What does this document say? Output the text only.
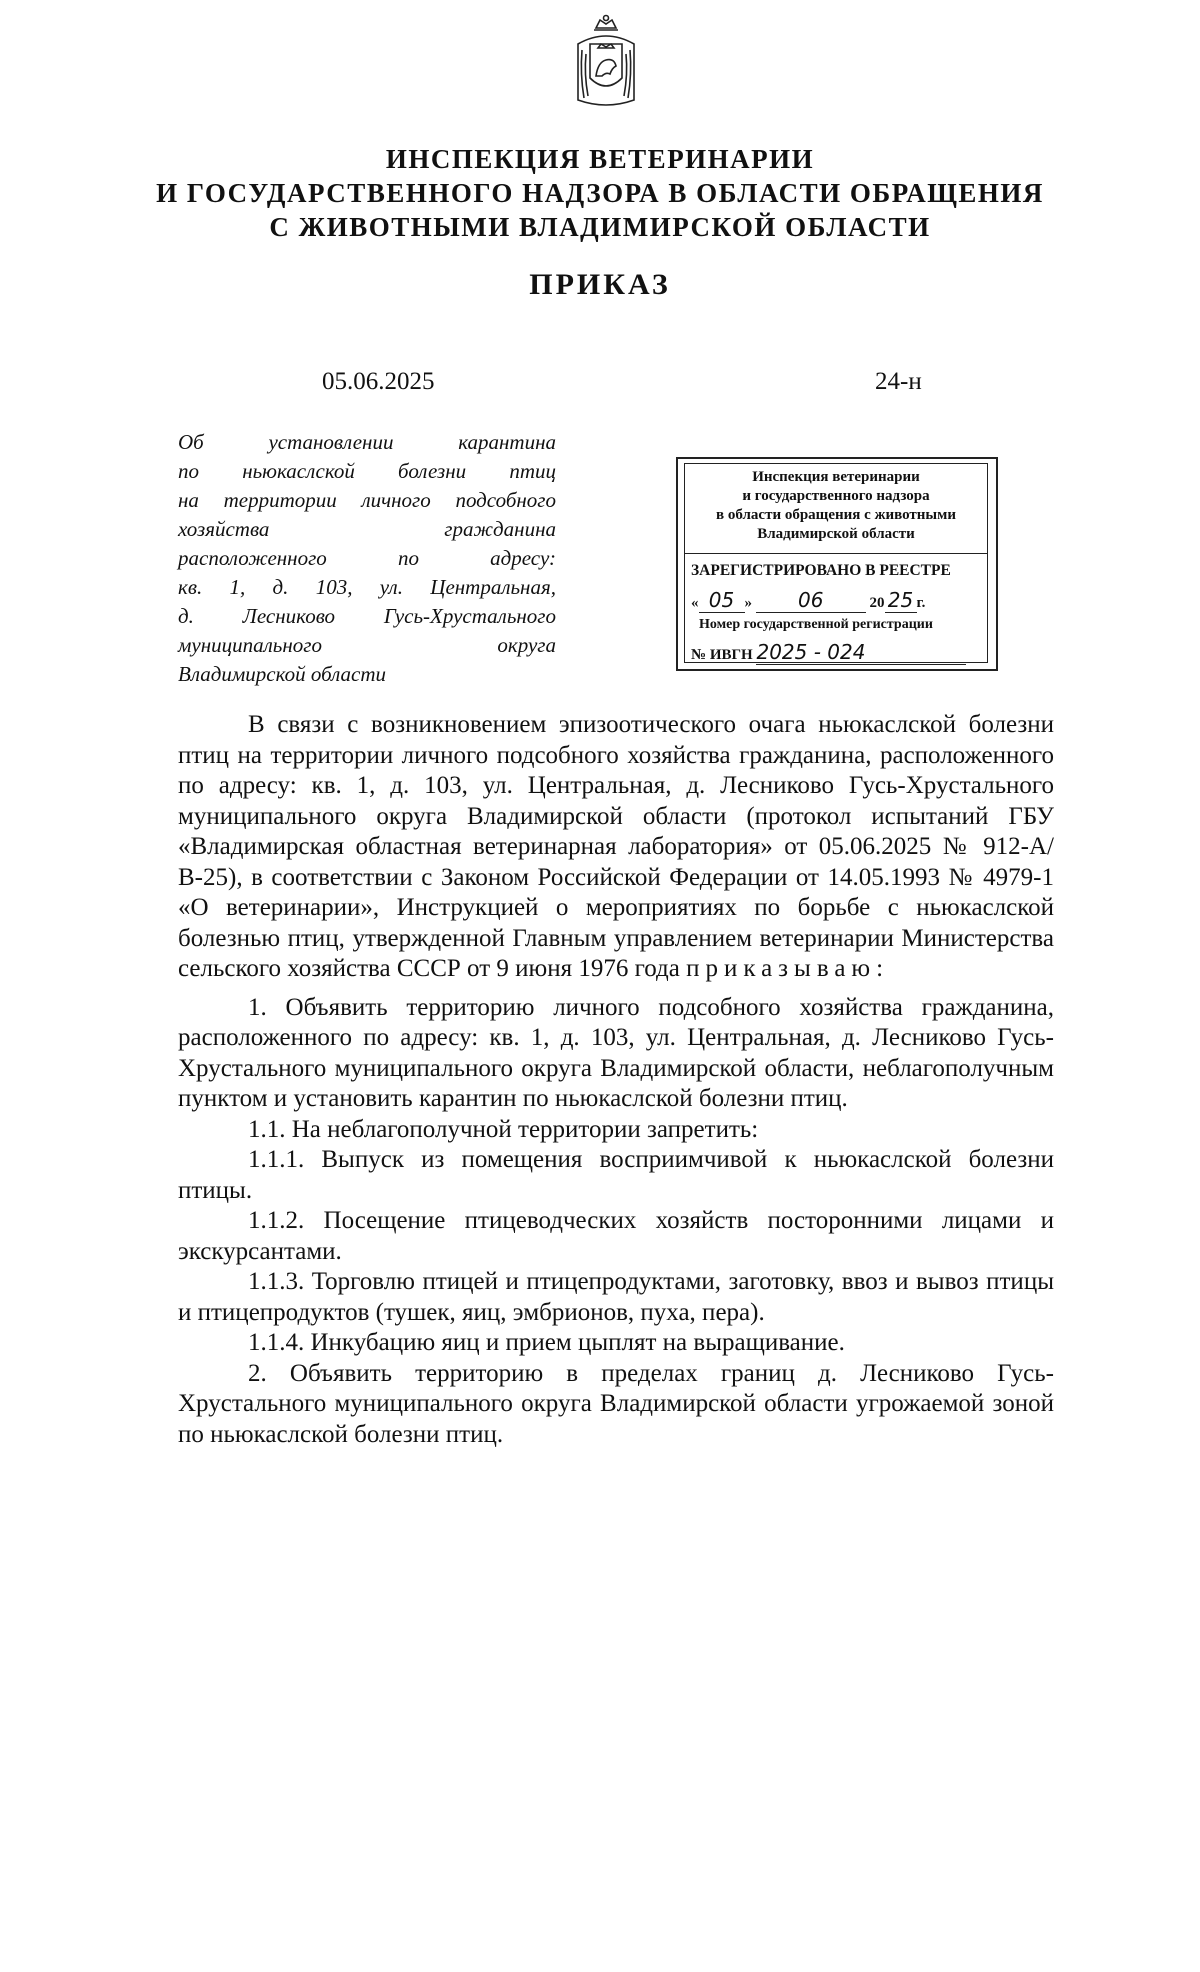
ИНСПЕКЦИЯ ВЕТЕРИНАРИИ
И ГОСУДАРСТВЕННОГО НАДЗОРА В ОБЛАСТИ ОБРАЩЕНИЯ
С ЖИВОТНЫМИ ВЛАДИМИРСКОЙ ОБЛАСТИ
ПРИКАЗ
05.06.2025	24-н
Об установлении карантина
по ньюкаслской болезни птиц
на территории личного подсобного
хозяйства гражданина
расположенного по адресу:
кв. 1, д. 103, ул. Центральная,
д. Лесниково Гусь-Хрустального
муниципального округа
Владимирской области
Инспекция ветеринарии
и государственного надзора
в области обращения с животными
Владимирской области
ЗАРЕГИСТРИРОВАНО В РЕЕСТРЕ
« 05 » 06	20 25 г.
Номер государственной регистрации
№ ИВГН 2025 - 024

В связи с возникновением эпизоотического очага ньюкаслской болезни птиц на территории личного подсобного хозяйства гражданина, расположенного по адресу: кв. 1, д. 103, ул. Центральная, д. Лесниково Гусь-Хрустального муниципального округа Владимирской области (протокол испытаний ГБУ «Владимирская областная ветеринарная лаборатория» от 05.06.2025 № 912-А/В-25), в соответствии с Законом Российской Федерации от 14.05.1993 № 4979-1 «О ветеринарии», Инструкцией о мероприятиях по борьбе с ньюкаслской болезнью птиц, утвержденной Главным управлением ветеринарии Министерства сельского хозяйства СССР от 9 июня 1976 года приказываю:

1. Объявить территорию личного подсобного хозяйства гражданина, расположенного по адресу: кв. 1, д. 103, ул. Центральная, д. Лесниково Гусь-Хрустального муниципального округа Владимирской области, неблагополучным пунктом и установить карантин по ньюкаслской болезни птиц.

1.1. На неблагополучной территории запретить:

1.1.1. Выпуск из помещения восприимчивой к ньюкаслской болезни птицы.

1.1.2. Посещение птицеводческих хозяйств посторонними лицами и экскурсантами.

1.1.3. Торговлю птицей и птицепродуктами, заготовку, ввоз и вывоз птицы и птицепродуктов (тушек, яиц, эмбрионов, пуха, пера).

1.1.4. Инкубацию яиц и прием цыплят на выращивание.

2. Объявить территорию в пределах границ д. Лесниково Гусь-Хрустального муниципального округа Владимирской области угрожаемой зоной по ньюкаслской болезни птиц.
